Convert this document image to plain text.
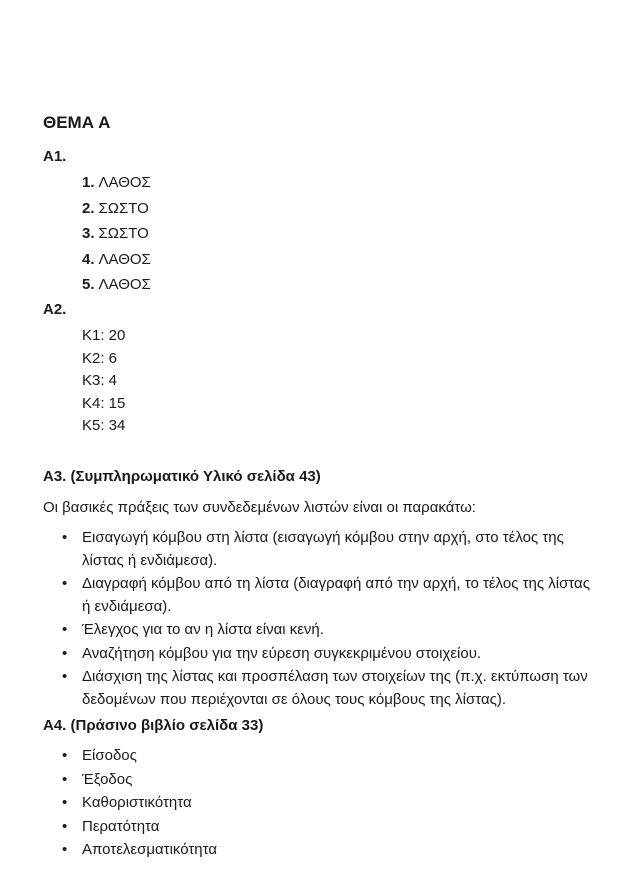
ΘΕΜΑ Α

Α1.

1. ΛΑΘΟΣ
2. ΣΩΣΤΟ
3. ΣΩΣΤΟ
4. ΛΑΘΟΣ
5. ΛΑΘΟΣ

Α2.

Κ1: 20
Κ2: 6
Κ3: 4
Κ4: 15
Κ5: 34

Α3. (Συμπληρωματικό Υλικό σελίδα 43)

Οι βασικές πράξεις των συνδεδεμένων λιστών είναι οι παρακάτω:

• Εισαγωγή κόμβου στη λίστα (εισαγωγή κόμβου στην αρχή, στο τέλος της λίστας ή ενδιάμεσα).
• Διαγραφή κόμβου από τη λίστα (διαγραφή από την αρχή, το τέλος της λίστας ή ενδιάμεσα).
• Έλεγχος για το αν η λίστα είναι κενή.
• Αναζήτηση κόμβου για την εύρεση συγκεκριμένου στοιχείου.
• Διάσχιση της λίστας και προσπέλαση των στοιχείων της (π.χ. εκτύπωση των δεδομένων που περιέχονται σε όλους τους κόμβους της λίστας).

Α4. (Πράσινο βιβλίο σελίδα 33)

• Είσοδος
• Έξοδος
• Καθοριστικότητα
• Περατότητα
• Αποτελεσματικότητα
